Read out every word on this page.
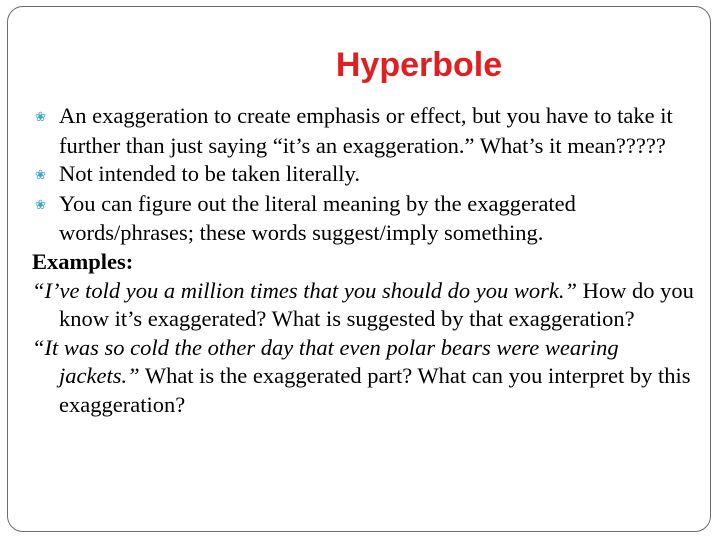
Hyperbole
❀ An exaggeration to create emphasis or effect, but you have to take it further than just saying “it’s an exaggeration.” What’s it mean?????
❀ Not intended to be taken literally.
❀ You can figure out the literal meaning by the exaggerated words/phrases; these words suggest/imply something.
Examples:
“I’ve told you a million times that you should do you work.” How do you know it’s exaggerated? What is suggested by that exaggeration?
“It was so cold the other day that even polar bears were wearing jackets.” What is the exaggerated part? What can you interpret by this exaggeration?
